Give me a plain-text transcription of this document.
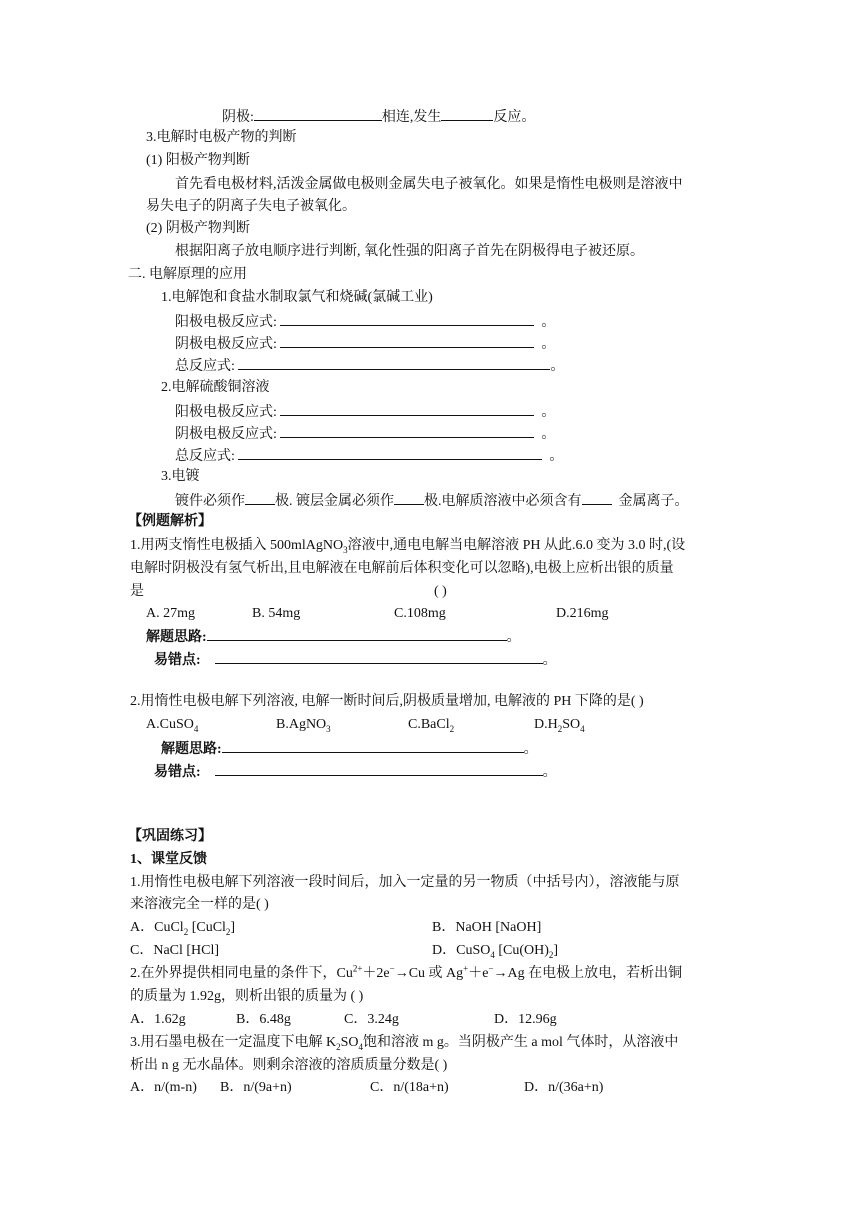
阴极:	相连,发生	反应。
3.电解时电极产物的判断
(1) 阳极产物判断
首先看电极材料,活泼金属做电极则金属失电子被氧化。如果是惰性电极则是溶液中
易失电子的阴离子失电子被氧化。
(2) 阴极产物判断
根据阳离子放电顺序进行判断, 氧化性强的阳离子首先在阴极得电子被还原。
二. 电解原理的应用
1.电解饱和食盐水制取氯气和烧碱(氯碱工业)
阳极电极反应式:	。
阴极电极反应式:	。
总反应式:	。
2.电解硫酸铜溶液
阳极电极反应式:	。
阴极电极反应式:	。
总反应式:	。
3.电镀
镀件必须作 极. 镀层金属必须作 极.电解质溶液中必须含有	金属离子。
【例题解析】
1.用两支惰性电极插入 500mlAgNO$_3$溶液中,通电电解当电解溶液 PH 从此.6.0 变为 3.0 时,(设
电解时阴极没有氢气析出,且电解液在电解前后体积变化可以忽略),电极上应析出银的质量
是	( )
A. 27mg	B. 54mg	C.108mg	D.216mg
解题思路:	。
易错点:	。
2.用惰性电极电解下列溶液, 电解一断时间后,阴极质量增加, 电解液的 PH 下降的是( )
A.CuSO$_4$	B.AgNO$_3$	C.BaCl$_2$	$D.H_2SO_4$
解题思路:	。
易错点:	。
【巩固练习】
1、课堂反馈
1.用惰性电极电解下列溶液一段时间后，加入一定量的另一物质（中括号内），溶液能与原
来溶液完全一样的是( )
A．CuCl$_2$ [CuCl$_2$]	B．NaOH [NaOH]
C．NaCl [HCl]	D．CuSO$_4$ $[Cu(OH)_2]$
2.在外界提供相同电量的条件下，$Cu^{2+}+2e^-\to Cu$ 或 Ag+＋e−→Ag 在电极上放电，若析出铜
的质量为 1.92g，则析出银的质量为 ( )
A．1.62g	B．6.48g	C．3.24g	D．12.96g
3.用石墨电极在一定温度下电解 $K_2SO_4$饱和溶液 m g。当阴极产生 a mol 气体时，从溶液中
析出 n g 无水晶体。则剩余溶液的溶质质量分数是( )
A．n/(m-n) B．n/(9a+n)	C．n/(18a+n)	D．n/(36a+n)
